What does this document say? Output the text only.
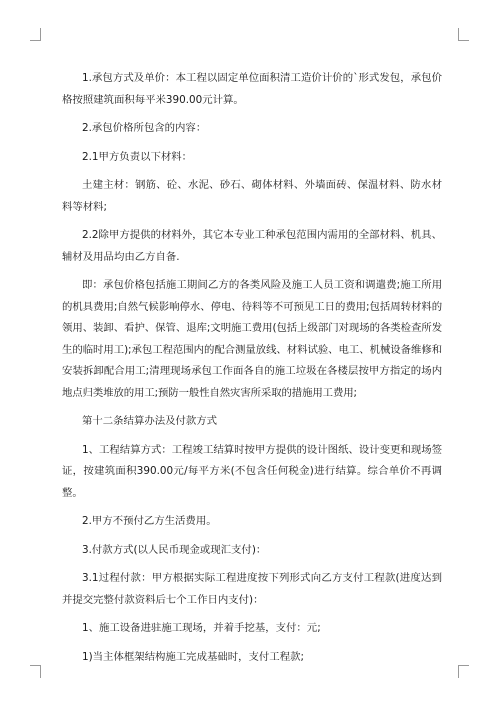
1.承包方式及单价：本工程以固定单位面积清工造价计价的`形式发包，承包价格按照建筑面积每平米390.00元计算。

2.承包价格所包含的内容：

2.1甲方负责以下材料：

土建主材：钢筋、砼、水泥、砂石、砌体材料、外墙面砖、保温材料、防水材料等材料;

2.2除甲方提供的材料外，其它本专业工种承包范围内需用的全部材料、机具、辅材及用品均由乙方自备.

即：承包价格包括施工期间乙方的各类风险及施工人员工资和调遣费;施工所用的机具费用;自然气候影响停水、停电、待料等不可预见工日的费用;包括周转材料的领用、装卸、看护、保管、退库;文明施工费用(包括上级部门对现场的各类检查所发生的临时用工);承包工程范围内的配合测量放线、材料试验、电工、机械设备维修和安装拆卸配合用工;清理现场承包工作面各自的施工垃圾在各楼层按甲方指定的场内地点归类堆放的用工;预防一般性自然灾害所采取的措施用工费用;

第十二条结算办法及付款方式

1、工程结算方式：工程竣工结算时按甲方提供的设计图纸、设计变更和现场签证，按建筑面积390.00元/每平方米(不包含任何税金)进行结算。综合单价不再调整。

2.甲方不预付乙方生活费用。

3.付款方式(以人民币现金或现汇支付)：

3.1过程付款：甲方根据实际工程进度按下列形式向乙方支付工程款(进度达到并提交完整付款资料后七个工作日内支付)：

1、施工设备进驻施工现场，并着手挖基，支付：元;

1)当主体框架结构施工完成基础时，支付工程款;
